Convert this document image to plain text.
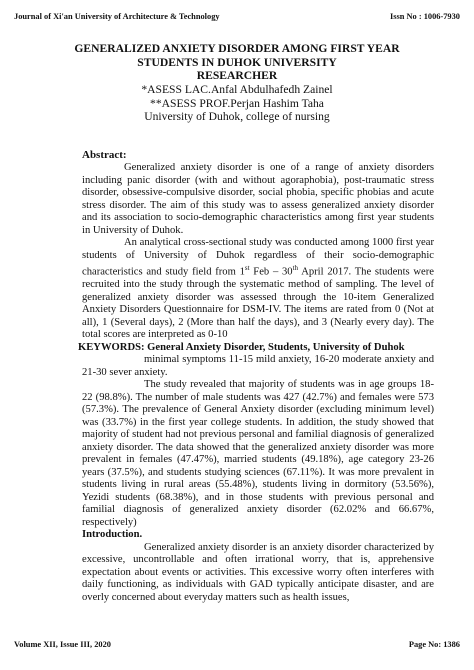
Journal of Xi'an University of Architecture & Technology	Issn No : 1006-7930
GENERALIZED ANXIETY DISORDER AMONG FIRST YEAR
STUDENTS IN DUHOK UNIVERSITY
RESEARCHER
*ASESS LAC.Anfal Abdulhafedh Zainel
**ASESS PROF.Perjan Hashim Taha
University of Duhok, college of nursing
Abstract:

Generalized anxiety disorder is one of a range of anxiety disorders including panic disorder (with and without agoraphobia), post-traumatic stress disorder, obsessive-compulsive disorder, social phobia, specific phobias and acute stress disorder. The aim of this study was to assess generalized anxiety disorder and its association to socio-demographic characteristics among first year students in University of Duhok.

An analytical cross-sectional study was conducted among 1000 first year students of University of Duhok regardless of their socio-demographic characteristics and study field from 1st Feb – 30th April 2017. The students were recruited into the study through the systematic method of sampling. The level of generalized anxiety disorder was assessed through the 10-item Generalized Anxiety Disorders Questionnaire for DSM-IV. The items are rated from 0 (Not at all), 1 (Several days), 2 (More than half the days), and 3 (Nearly every day). The total scores are interpreted as 0-10

KEYWORDS: General Anxiety Disorder, Students, University of Duhok

minimal symptoms 11-15 mild anxiety, 16-20 moderate anxiety and 21-30 sever anxiety.

The study revealed that majority of students was in age groups 18-22 (98.8%). The number of male students was 427 (42.7%) and females were 573 (57.3%). The prevalence of General Anxiety disorder (excluding minimum level) was (33.7%) in the first year college students. In addition, the study showed that majority of student had not previous personal and familial diagnosis of generalized anxiety disorder. The data showed that the generalized anxiety disorder was more prevalent in females (47.47%), married students (49.18%), age category 23-26 years (37.5%), and students studying sciences (67.11%). It was more prevalent in students living in rural areas (55.48%), students living in dormitory (53.56%), Yezidi students (68.38%), and in those students with previous personal and familial diagnosis of generalized anxiety disorder (62.02% and 66.67%, respectively)

Introduction.

Generalized anxiety disorder is an anxiety disorder characterized by excessive, uncontrollable and often irrational worry, that is, apprehensive expectation about events or activities. This excessive worry often interferes with daily functioning, as individuals with GAD typically anticipate disaster, and are overly concerned about everyday matters such as health issues,

Volume XII, Issue III, 2020	Page No: 1386
